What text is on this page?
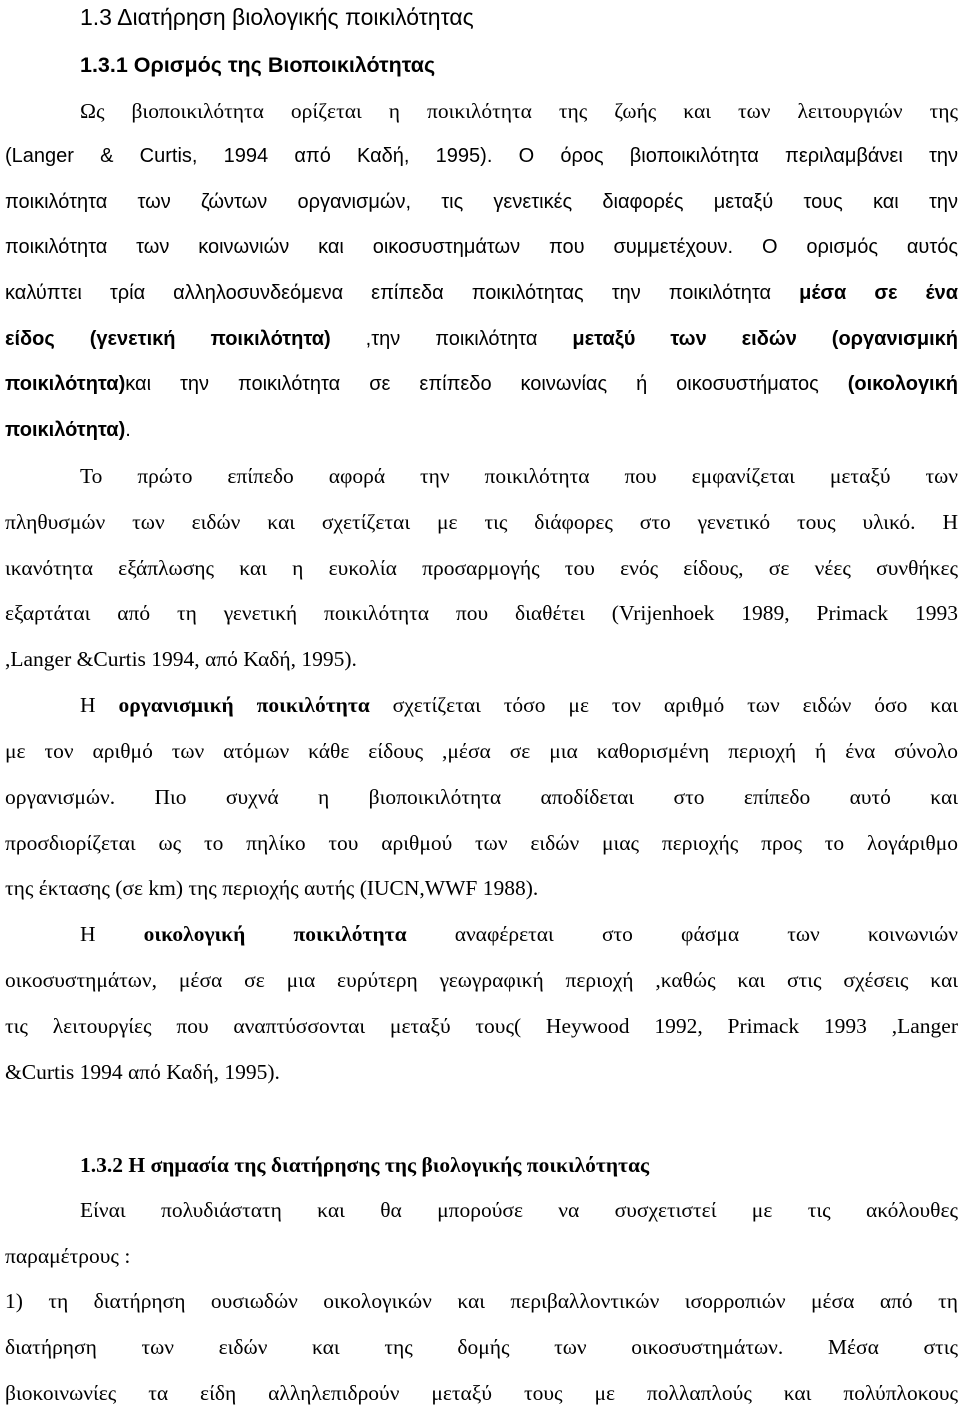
1.3 Διατήρηση βιολογικής ποικιλότητας
1.3.1 Ορισμός της Βιοποικιλότητας
Ως βιοποικιλότητα ορίζεται η ποικιλότητα της ζωής και των λειτουργιών της
(Langer & Curtis, 1994 από Καδή, 1995). Ο όρος βιοποικιλότητα περιλαμβάνει την
ποικιλότητα των ζώντων οργανισμών, τις γενετικές διαφορές μεταξύ τους και την
ποικιλότητα των κοινωνιών και οικοσυστημάτων που συμμετέχουν. Ο ορισμός αυτός
καλύπτει τρία αλληλοσυνδεόμενα επίπεδα ποικιλότητας την ποικιλότητα μέσα σε ένα
είδος (γενετική ποικιλότητα) ,την ποικιλότητα μεταξύ των ειδών (οργανισμική
ποικιλότητα)και την ποικιλότητα σε επίπεδο κοινωνίας ή οικοσυστήματος (οικολογική
ποικιλότητα).
Το πρώτο επίπεδο αφορά την ποικιλότητα που εμφανίζεται μεταξύ των
πληθυσμών των ειδών και σχετίζεται με τις διάφορες στο γενετικό τους υλικό. Η
ικανότητα εξάπλωσης και η ευκολία προσαρμογής του ενός είδους, σε νέες συνθήκες
εξαρτάται από τη γενετική ποικιλότητα που διαθέτει (Vrijenhoek 1989, Primack 1993
,Langer &Curtis 1994, από Καδή, 1995).
Η οργανισμική ποικιλότητα σχετίζεται τόσο με τον αριθμό των ειδών όσο και
με τον αριθμό των ατόμων κάθε είδους ,μέσα σε μια καθορισμένη περιοχή ή ένα σύνολο
οργανισμών. Πιο συχνά η βιοποικιλότητα αποδίδεται στο επίπεδο αυτό και
προσδιορίζεται ως το πηλίκο του αριθμού των ειδών μιας περιοχής προς το λογάριθμο
της έκτασης (σε km) της περιοχής αυτής (IUCN,WWF 1988).
Η οικολογική ποικιλότητα αναφέρεται στο φάσμα των κοινωνιών
οικοσυστημάτων, μέσα σε μια ευρύτερη γεωγραφική περιοχή ,καθώς και στις σχέσεις και
τις λειτουργίες που αναπτύσσονται μεταξύ τους( Heywood 1992, Primack 1993 ,Langer
&Curtis 1994 από Καδή, 1995).
1.3.2 Η σημασία της διατήρησης της βιολογικής ποικιλότητας
Είναι πολυδιάστατη και θα μπορούσε να συσχετιστεί με τις ακόλουθες
παραμέτρους :
1) τη διατήρηση ουσιωδών οικολογικών και περιβαλλοντικών ισορροπιών μέσα από τη
διατήρηση των ειδών και της δομής των οικοσυστημάτων. Μέσα στις
βιοκοινωνίες τα είδη αλληλεπιδρούν μεταξύ τους με πολλαπλούς και πολύπλοκους
